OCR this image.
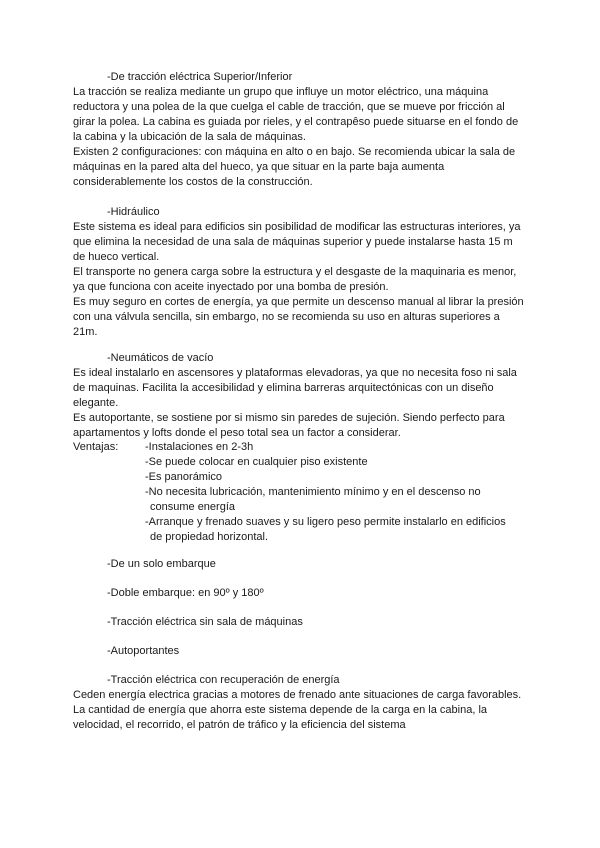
-De tracción eléctrica Superior/Inferior
La tracción se realiza mediante un grupo que influye un motor eléctrico, una máquina
reductora y una polea de la que cuelga el cable de tracción, que se mueve por fricción al
girar la polea. La cabina es guiada por rieles, y el contrapêso puede situarse en el fondo de
la cabina y la ubicación de la sala de máquinas.
Existen 2 configuraciones: con máquina en alto o en bajo. Se recomienda ubicar la sala de
máquinas en la pared alta del hueco, ya que situar en la parte baja aumenta
considerablemente los costos de la construcción.
-Hidráulico
Este sistema es ideal para edificios sin posibilidad de modificar las estructuras interiores, ya
que elimina la necesidad de una sala de máquinas superior y puede instalarse hasta 15 m
de hueco vertical.
El transporte no genera carga sobre la estructura y el desgaste de la maquinaria es menor,
ya que funciona con aceite inyectado por una bomba de presión.
Es muy seguro en cortes de energía, ya que permite un descenso manual al librar la presión
con una válvula sencilla, sin embargo, no se recomienda su uso en alturas superiores a
21m.
-Neumáticos de vacío
Es ideal instalarlo en ascensores y plataformas elevadoras, ya que no necesita foso ni sala
de maquinas. Facilita la accesibilidad y elimina barreras arquitectónicas con un diseño
elegante.
Es autoportante, se sostiene por si mismo sin paredes de sujeción. Siendo perfecto para
apartamentos y lofts donde el peso total sea un factor a considerar.
Ventajas: -Instalaciones en 2-3h
-Se puede colocar en cualquier piso existente
-Es panorámico
-No necesita lubricación, mantenimiento mínimo y en el descenso no
consume energía
-Arranque y frenado suaves y su ligero peso permite instalarlo en edificios
de propiedad horizontal.
-De un solo embarque
-Doble embarque: en 90º y 180º
-Tracción eléctrica sin sala de máquinas
-Autoportantes
-Tracción eléctrica con recuperación de energía
Ceden energía electrica gracias a motores de frenado ante situaciones de carga favorables.
La cantidad de energía que ahorra este sistema depende de la carga en la cabina, la
velocidad, el recorrido, el patrón de tráfico y la eficiencia del sistema
